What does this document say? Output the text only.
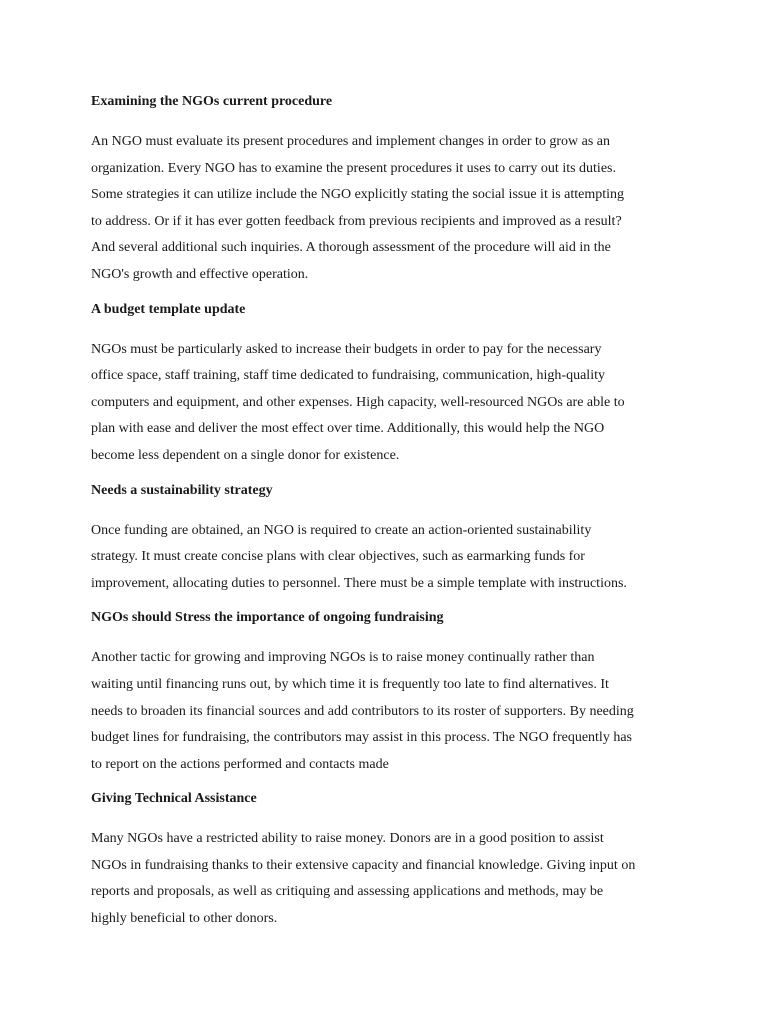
Examining the NGOs current procedure

An NGO must evaluate its present procedures and implement changes in order to grow as an
organization. Every NGO has to examine the present procedures it uses to carry out its duties.
Some strategies it can utilize include the NGO explicitly stating the social issue it is attempting
to address. Or if it has ever gotten feedback from previous recipients and improved as a result?
And several additional such inquiries. A thorough assessment of the procedure will aid in the
NGO's growth and effective operation.

A budget template update

NGOs must be particularly asked to increase their budgets in order to pay for the necessary
office space, staff training, staff time dedicated to fundraising, communication, high-quality
computers and equipment, and other expenses. High capacity, well-resourced NGOs are able to
plan with ease and deliver the most effect over time. Additionally, this would help the NGO
become less dependent on a single donor for existence.

Needs a sustainability strategy

Once funding are obtained, an NGO is required to create an action-oriented sustainability
strategy. It must create concise plans with clear objectives, such as earmarking funds for
improvement, allocating duties to personnel. There must be a simple template with instructions.

NGOs should Stress the importance of ongoing fundraising

Another tactic for growing and improving NGOs is to raise money continually rather than
waiting until financing runs out, by which time it is frequently too late to find alternatives. It
needs to broaden its financial sources and add contributors to its roster of supporters. By needing
budget lines for fundraising, the contributors may assist in this process. The NGO frequently has
to report on the actions performed and contacts made

Giving Technical Assistance

Many NGOs have a restricted ability to raise money. Donors are in a good position to assist
NGOs in fundraising thanks to their extensive capacity and financial knowledge. Giving input on
reports and proposals, as well as critiquing and assessing applications and methods, may be
highly beneficial to other donors.
